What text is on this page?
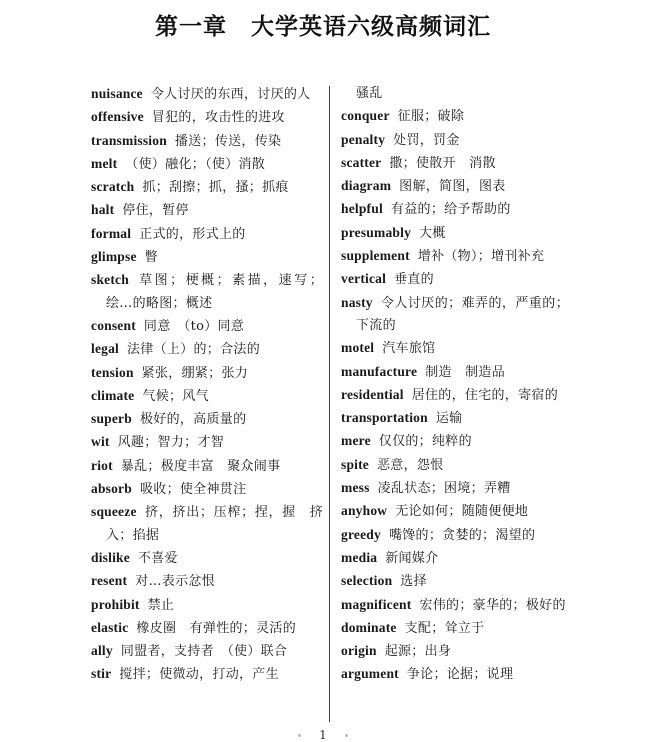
第一章　大学英语六级高频词汇
nuisance 令人讨厌的东西，讨厌的人
offensive 冒犯的，攻击性的进攻
transmission 播送；传送，传染
melt （使）融化；（使）消散
scratch 抓；刮擦；抓，搔；抓痕
halt 停住，暂停
formal 正式的，形式上的
glimpse 瞥
sketch 草图；梗概；素描，速写；绘…的略图；概述
consent 同意　（to）同意
legal 法律（上）的；合法的
tension 紧张，绷紧；张力
climate 气候；风气
superb 极好的，高质量的
wit 风趣；智力；才智
riot 暴乱；极度丰富　聚众闹事
absorb 吸收；使全神贯注
squeeze 挤，挤出；压榨；捏，握　挤入；掐据
dislike 不喜爱
resent 对…表示忿恨
prohibit 禁止
elastic 橡皮圈　有弹性的；灵活的
ally 同盟者，支持者　（使）联合
stir 搅拌；使微动，打动，产生
骚乱
conquer 征服；破除
penalty 处罚，罚金
scatter 撒；使散开　消散
diagram 图解，简图，图表
helpful 有益的；给予帮助的
presumably 大概
supplement 增补（物）；增刊补充
vertical 垂直的
nasty 令人讨厌的；难弄的，严重的；下流的
motel 汽车旅馆
manufacture 制造　制造品
residential 居住的，住宅的，寄宿的
transportation 运输
mere 仅仅的；纯粹的
spite 恶意，怨恨
mess 凌乱状态；困境；弄糟
anyhow 无论如何；随随便便地
greedy 嘴馋的；贪婪的；渴望的
media 新闻媒介
selection 选择
magnificent 宏伟的；豪华的；极好的
dominate 支配；耸立于
origin 起源；出身
argument 争论；论据；说理
1
